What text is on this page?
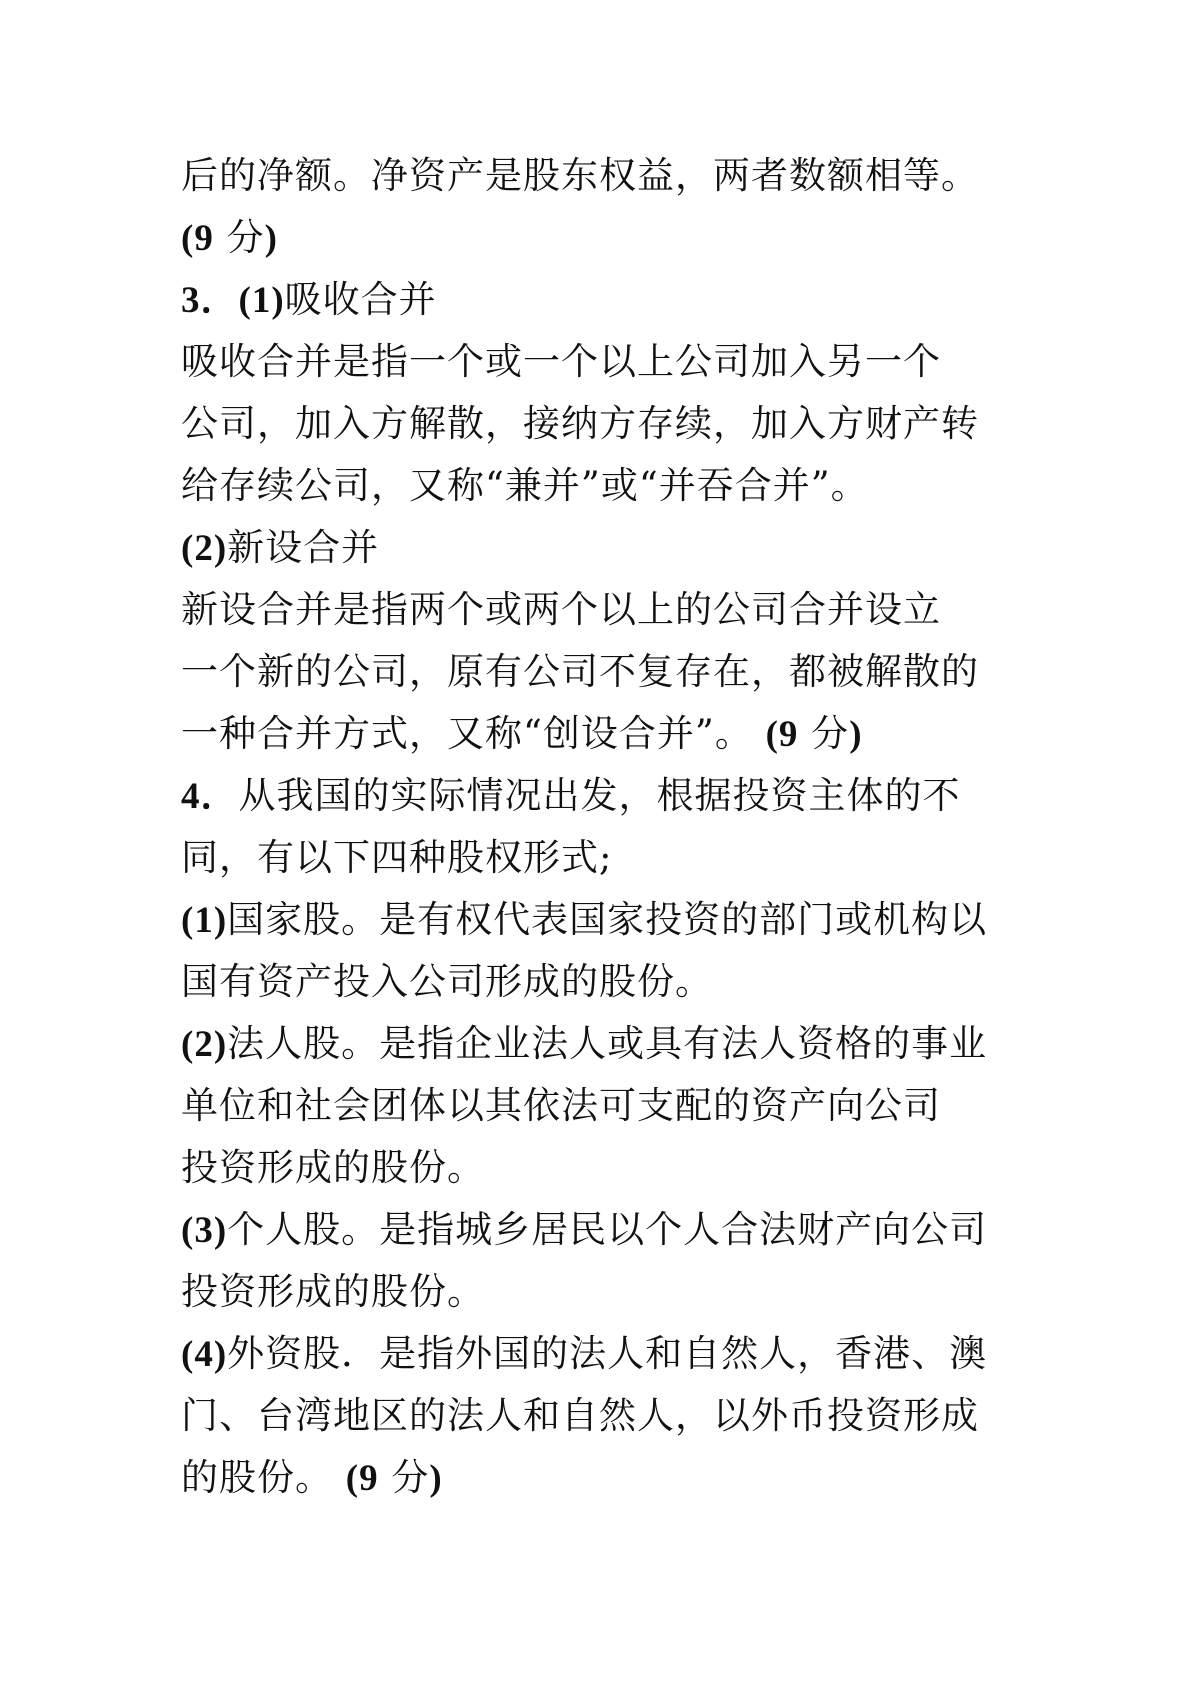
后的净额。净资产是股东权益，两者数额相等。
(9 分)
3．(1)吸收合并
吸收合并是指一个或一个以上公司加入另一个
公司，加入方解散，接纳方存续，加入方财产转
给存续公司，又称“兼并”或“并吞合并”。
(2)新设合并
新设合并是指两个或两个以上的公司合并设立
一个新的公司，原有公司不复存在，都被解散的
一种合并方式，又称“创设合并”。 (9 分)
4．从我国的实际情况出发，根据投资主体的不
同，有以下四种股权形式;
(1)国家股。是有权代表国家投资的部门或机构以
国有资产投入公司形成的股份。
(2)法人股。是指企业法人或具有法人资格的事业
单位和社会团体以其依法可支配的资产向公司
投资形成的股份。
(3)个人股。是指城乡居民以个人合法财产向公司
投资形成的股份。
(4)外资股．是指外国的法人和自然人，香港、澳
门、台湾地区的法人和自然人，以外币投资形成
的股份。 (9 分)
